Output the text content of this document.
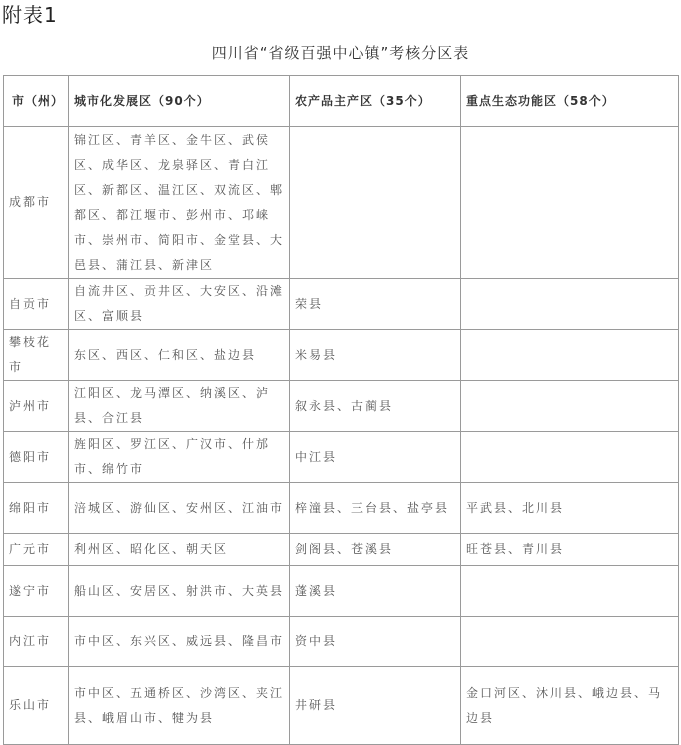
附表1
四川省“省级百强中心镇”考核分区表
市（州）	城市化发展区（90个）	农产品主产区（35个）	重点生态功能区（58个）
成都市	锦江区、青羊区、金牛区、武侯区、成华区、龙泉驿区、青白江区、新都区、温江区、双流区、郫都区、都江堰市、彭州市、邛崃市、崇州市、简阳市、金堂县、大邑县、蒲江县、新津区		
自贡市	自流井区、贡井区、大安区、沿滩区、富顺县	荣县	
攀枝花市	东区、西区、仁和区、盐边县	米易县	
泸州市	江阳区、龙马潭区、纳溪区、泸县、合江县	叙永县、古蔺县	
德阳市	旌阳区、罗江区、广汉市、什邡市、绵竹市	中江县	
绵阳市	涪城区、游仙区、安州区、江油市	梓潼县、三台县、盐亭县	平武县、北川县
广元市	利州区、昭化区、朝天区	剑阁县、苍溪县	旺苍县、青川县
遂宁市	船山区、安居区、射洪市、大英县	蓬溪县	
内江市	市中区、东兴区、威远县、隆昌市	资中县	
乐山市	市中区、五通桥区、沙湾区、夹江县、峨眉山市、犍为县	井研县	金口河区、沐川县、峨边县、马边县
